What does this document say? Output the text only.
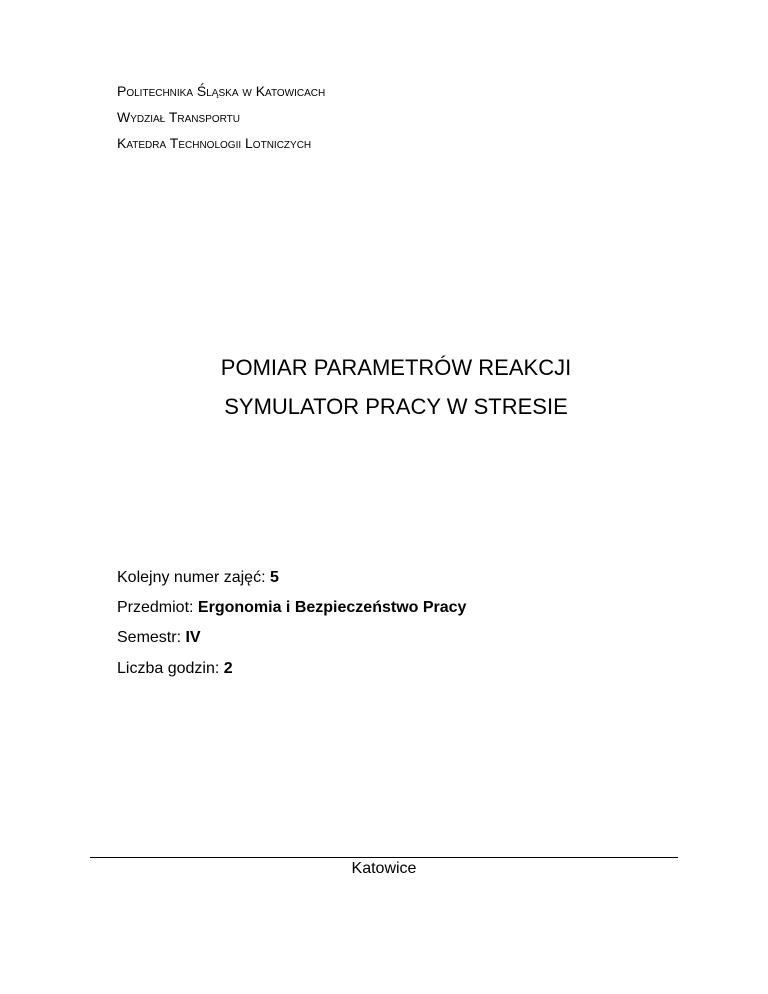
Politechnika Śląska w Katowicach
Wydział Transportu
Katedra Technologii Lotniczych
POMIAR PARAMETRÓW REAKCJI
SYMULATOR PRACY W STRESIE
Kolejny numer zajęć: 5
Przedmiot: Ergonomia i Bezpieczeństwo Pracy
Semestr: IV
Liczba godzin: 2
Katowice
